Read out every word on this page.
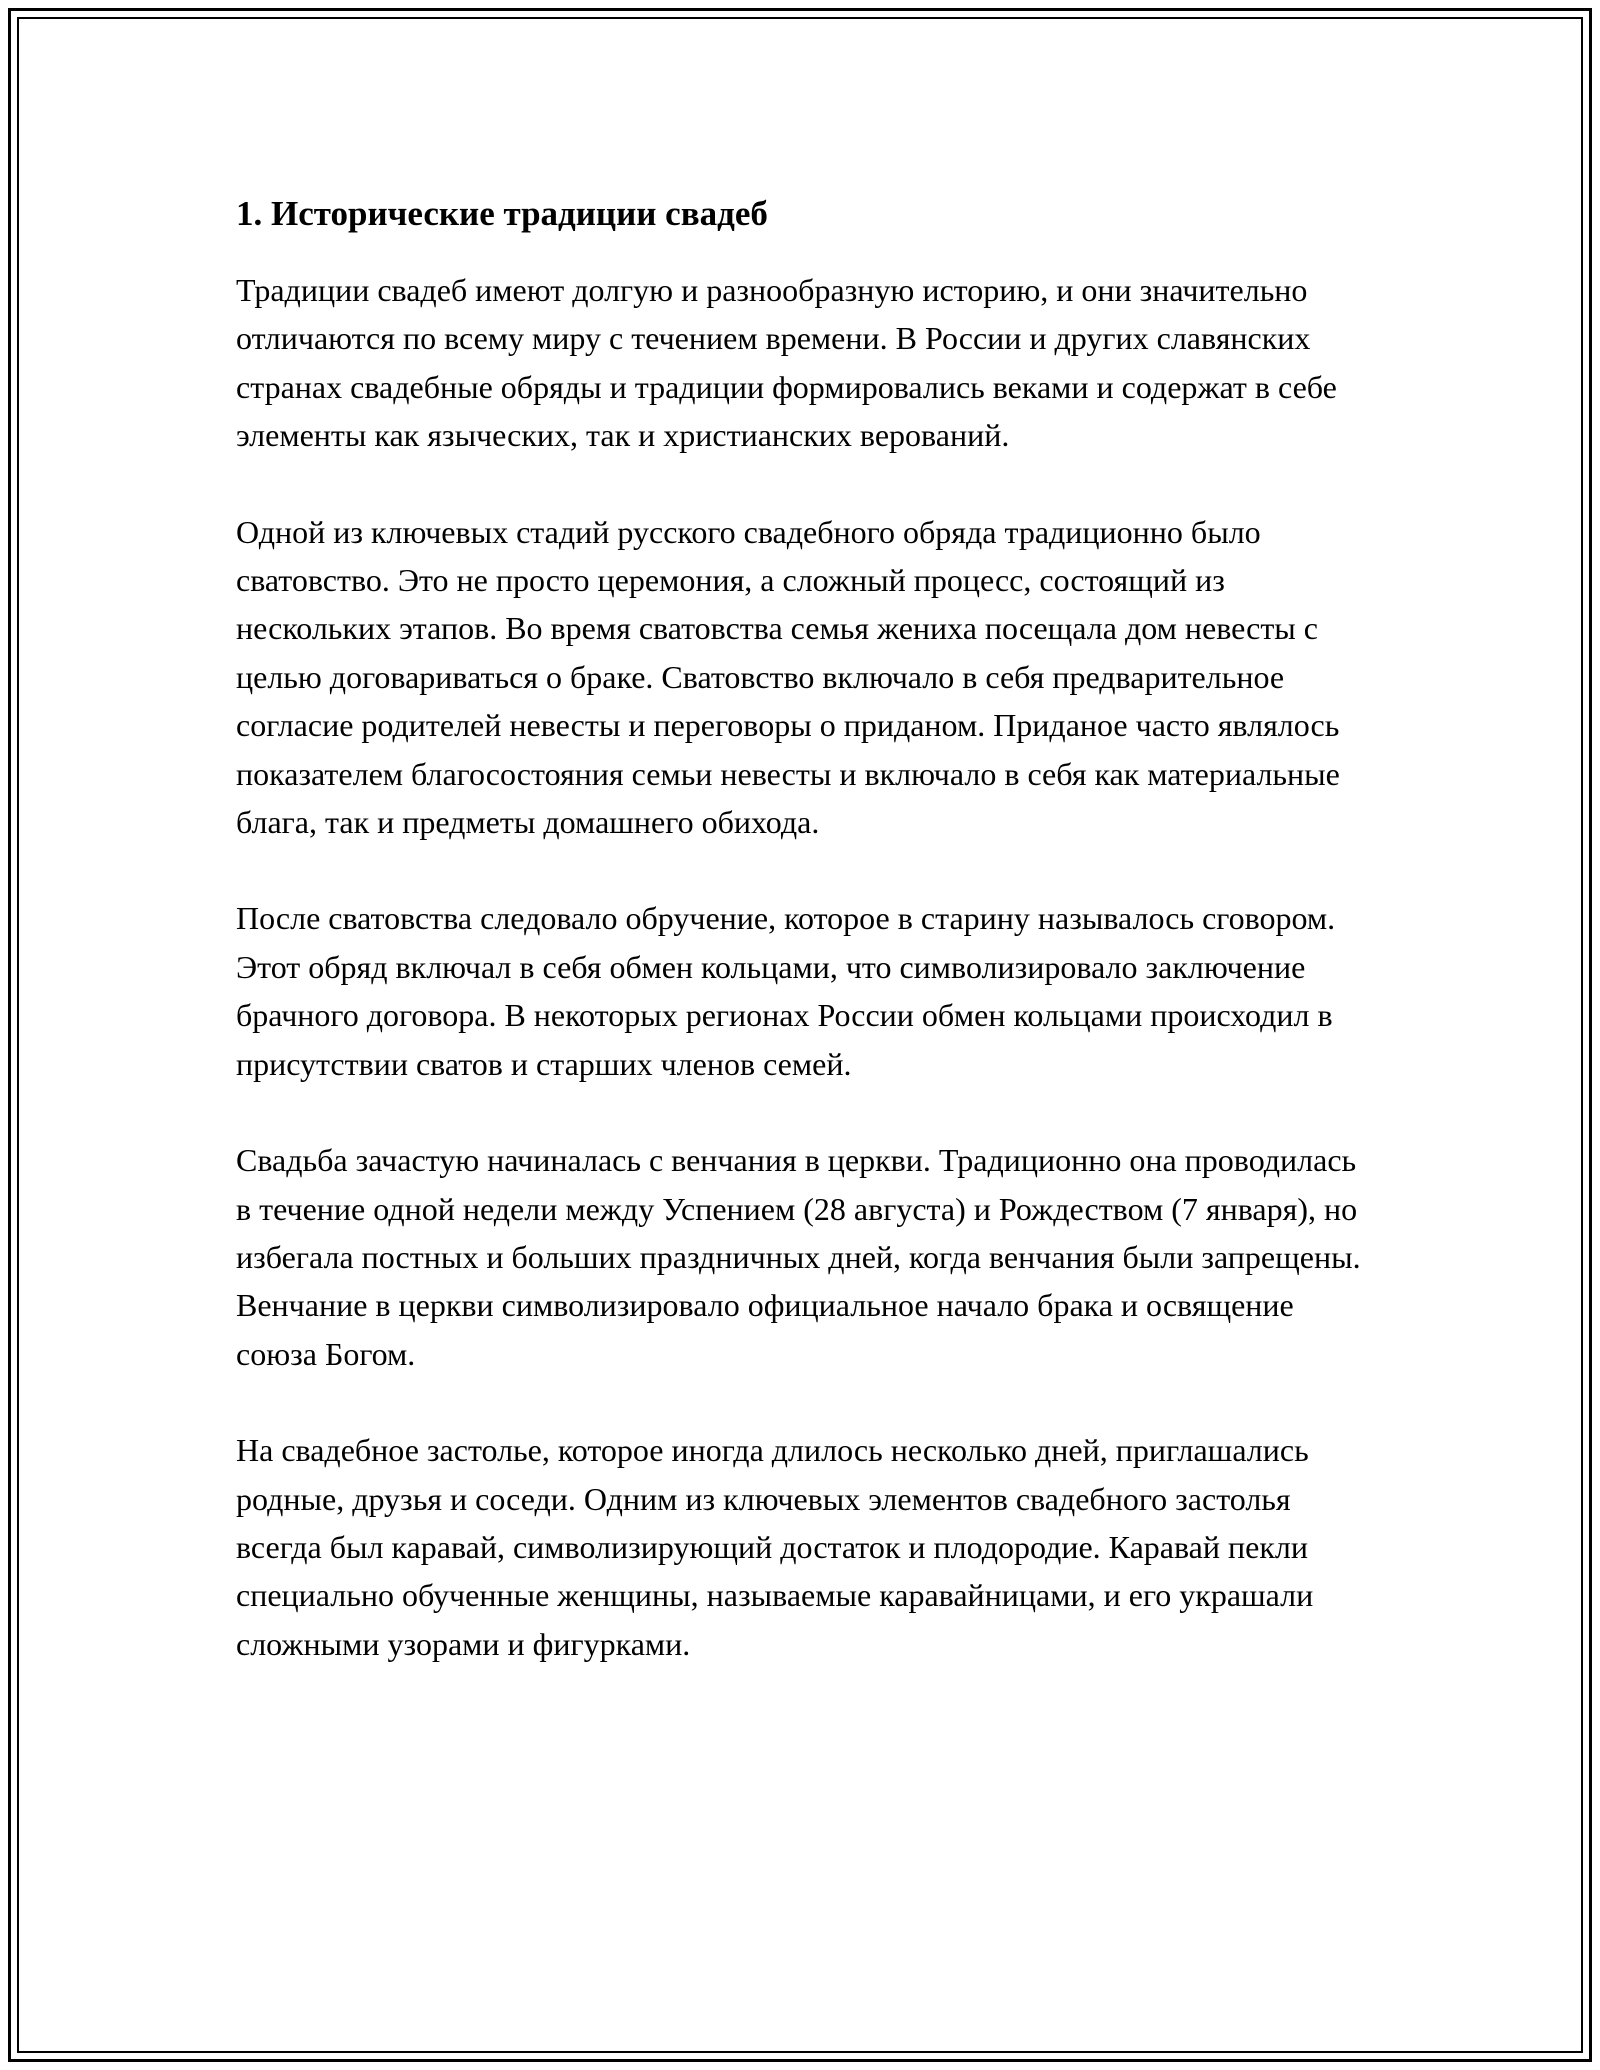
1. Исторические традиции свадеб

Традиции свадеб имеют долгую и разнообразную историю, и они значительно отличаются по всему миру с течением времени. В России и других славянских странах свадебные обряды и традиции формировались веками и содержат в себе элементы как языческих, так и христианских верований.

Одной из ключевых стадий русского свадебного обряда традиционно было сватовство. Это не просто церемония, а сложный процесс, состоящий из нескольких этапов. Во время сватовства семья жениха посещала дом невесты с целью договариваться о браке. Сватовство включало в себя предварительное согласие родителей невесты и переговоры о приданом. Приданое часто являлось показателем благосостояния семьи невесты и включало в себя как материальные блага, так и предметы домашнего обихода.

После сватовства следовало обручение, которое в старину называлось сговором. Этот обряд включал в себя обмен кольцами, что символизировало заключение брачного договора. В некоторых регионах России обмен кольцами происходил в присутствии сватов и старших членов семей.

Свадьба зачастую начиналась с венчания в церкви. Традиционно она проводилась в течение одной недели между Успением (28 августа) и Рождеством (7 января), но избегала постных и больших праздничных дней, когда венчания были запрещены. Венчание в церкви символизировало официальное начало брака и освящение союза Богом.

На свадебное застолье, которое иногда длилось несколько дней, приглашались родные, друзья и соседи. Одним из ключевых элементов свадебного застолья всегда был каравай, символизирующий достаток и плодородие. Каравай пекли специально обученные женщины, называемые каравайницами, и его украшали сложными узорами и фигурками.
